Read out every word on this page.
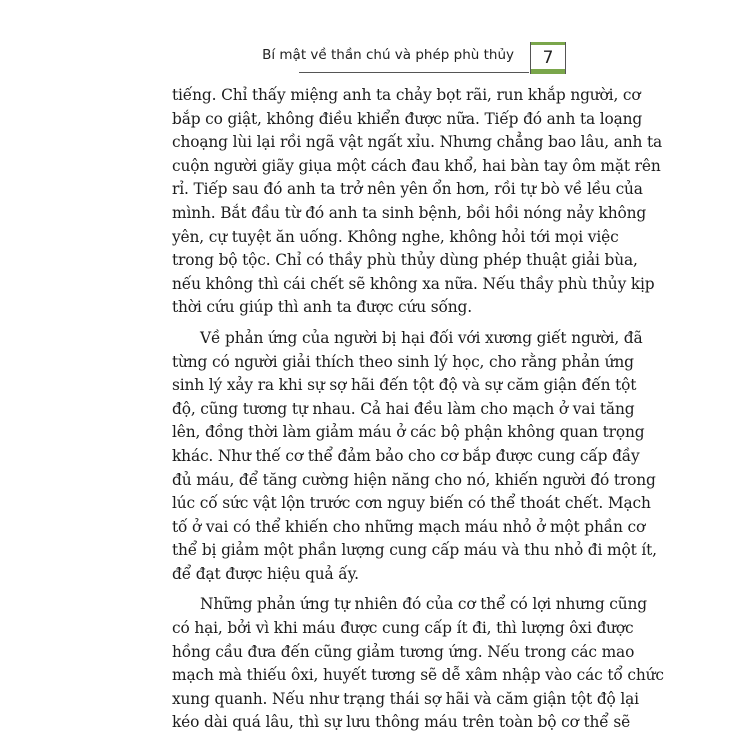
Bí mật về thần chú và phép phù thủy	7
tiếng. Chỉ thấy miệng anh ta chảy bọt rãi, run khắp người, cơ
bắp co giật, không điều khiển được nữa. Tiếp đó anh ta loạng
choạng lùi lại rồi ngã vật ngất xỉu. Nhưng chẳng bao lâu, anh ta
cuộn người giãy giụa một cách đau khổ, hai bàn tay ôm mặt rên
rỉ. Tiếp sau đó anh ta trở nên yên ổn hơn, rồi tự bò về lều của
mình. Bắt đầu từ đó anh ta sinh bệnh, bồi hồi nóng nảy không
yên, cự tuyệt ăn uống. Không nghe, không hỏi tới mọi việc
trong bộ tộc. Chỉ có thầy phù thủy dùng phép thuật giải bùa,
nếu không thì cái chết sẽ không xa nữa. Nếu thầy phù thủy kịp
thời cứu giúp thì anh ta được cứu sống.
Về phản ứng của người bị hại đối với xương giết người, đã
từng có người giải thích theo sinh lý học, cho rằng phản ứng
sinh lý xảy ra khi sự sợ hãi đến tột độ và sự căm giận đến tột
độ, cũng tương tự nhau. Cả hai đều làm cho mạch ở vai tăng
lên, đồng thời làm giảm máu ở các bộ phận không quan trọng
khác. Như thế cơ thể đảm bảo cho cơ bắp được cung cấp đầy
đủ máu, để tăng cường hiện năng cho nó, khiến người đó trong
lúc cố sức vật lộn trước cơn nguy biến có thể thoát chết. Mạch
tố ở vai có thể khiến cho những mạch máu nhỏ ở một phần cơ
thể bị giảm một phần lượng cung cấp máu và thu nhỏ đi một ít,
để đạt được hiệu quả ấy.
Những phản ứng tự nhiên đó của cơ thể có lợi nhưng cũng
có hại, bởi vì khi máu được cung cấp ít đi, thì lượng ôxi được
hồng cầu đưa đến cũng giảm tương ứng. Nếu trong các mao
mạch mà thiếu ôxi, huyết tương sẽ dễ xâm nhập vào các tổ chức
xung quanh. Nếu như trạng thái sợ hãi và căm giận tột độ lại
kéo dài quá lâu, thì sự lưu thông máu trên toàn bộ cơ thể sẽ
